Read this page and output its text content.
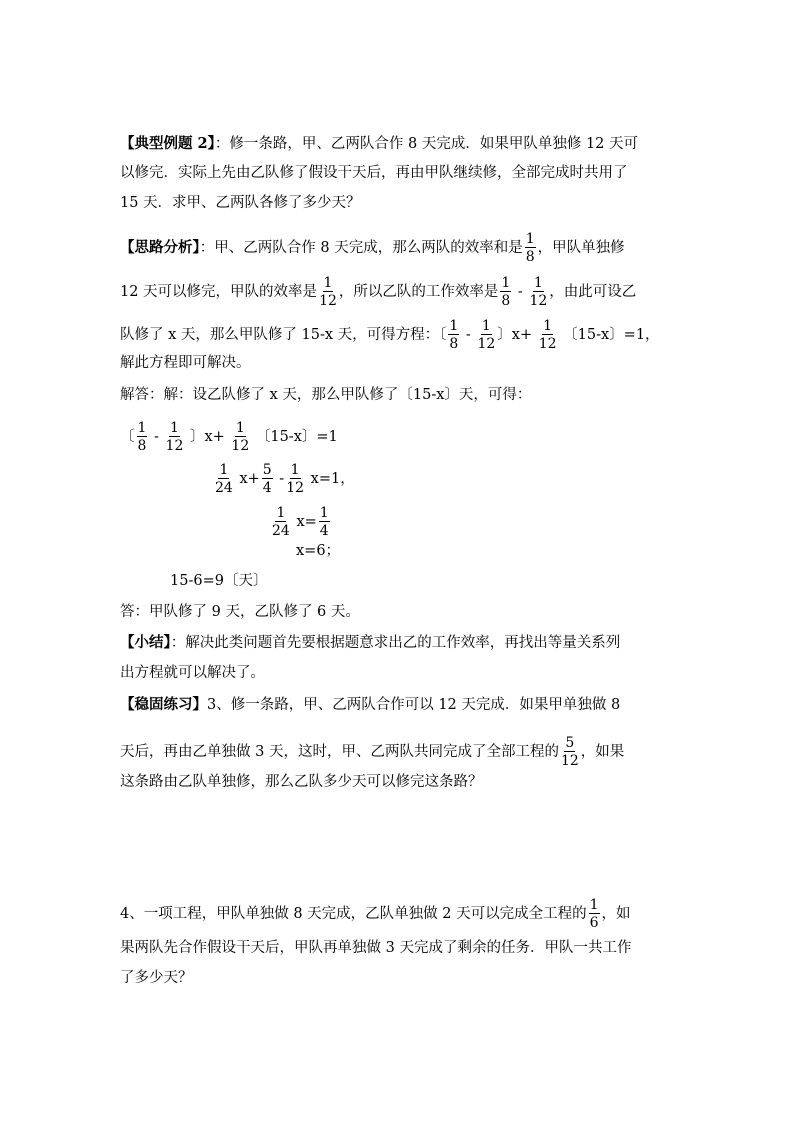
【典型例题 2】：修一条路，甲、乙两队合作 8 天完成．如果甲队单独修 12 天可
以修完．实际上先由乙队修了假设干天后，再由甲队继续修，全部完成时共用了
15 天．求甲、乙两队各修了多少天？
【思路分析】：甲、乙两队合作 8 天完成，那么两队的效率和是 $\frac{1}{8}$ ，甲队单独修
12 天可以修完，甲队的效率是 $\frac{1}{12}$ ，所以乙队的工作效率是 $\frac{1}{8} - \frac{1}{12}$ ，由此可设乙
队修了 x 天，那么甲队修了 15-x 天，可得方程：〔 $\frac{1}{8} - \frac{1}{12}$ 〕$x+ \frac{1}{12}$ 〔15-x〕=1，
解此方程即可解决。
解答：解：设乙队修了 x 天，那么甲队修了〔15-x〕天，可得：
〔 $\frac{1}{8} - \frac{1}{12}$ 〕$x+ \frac{1}{12}$ 〔15-x〕=1
$\frac{1}{24} x+ \frac{5}{4} - \frac{1}{12} x=1$，
$\frac{1}{24} x= \frac{1}{4}$
x=6；
15-6=9〔天〕
答：甲队修了 9 天，乙队修了 6 天。
【小结】：解决此类问题首先要根据题意求出乙的工作效率，再找出等量关系列
出方程就可以解决了。
【稳固练习】3、修一条路，甲、乙两队合作可以 12 天完成．如果甲单独做 8
天后，再由乙单独做 3 天，这时，甲、乙两队共同完成了全部工程的 $\frac{5}{12}$ ，如果
这条路由乙队单独修，那么乙队多少天可以修完这条路？
4、一项工程，甲队单独做 8 天完成，乙队单独做 2 天可以完成全工程的 $\frac{1}{6}$ ，如
果两队先合作假设干天后，甲队再单独做 3 天完成了剩余的任务．甲队一共工作
了多少天？
